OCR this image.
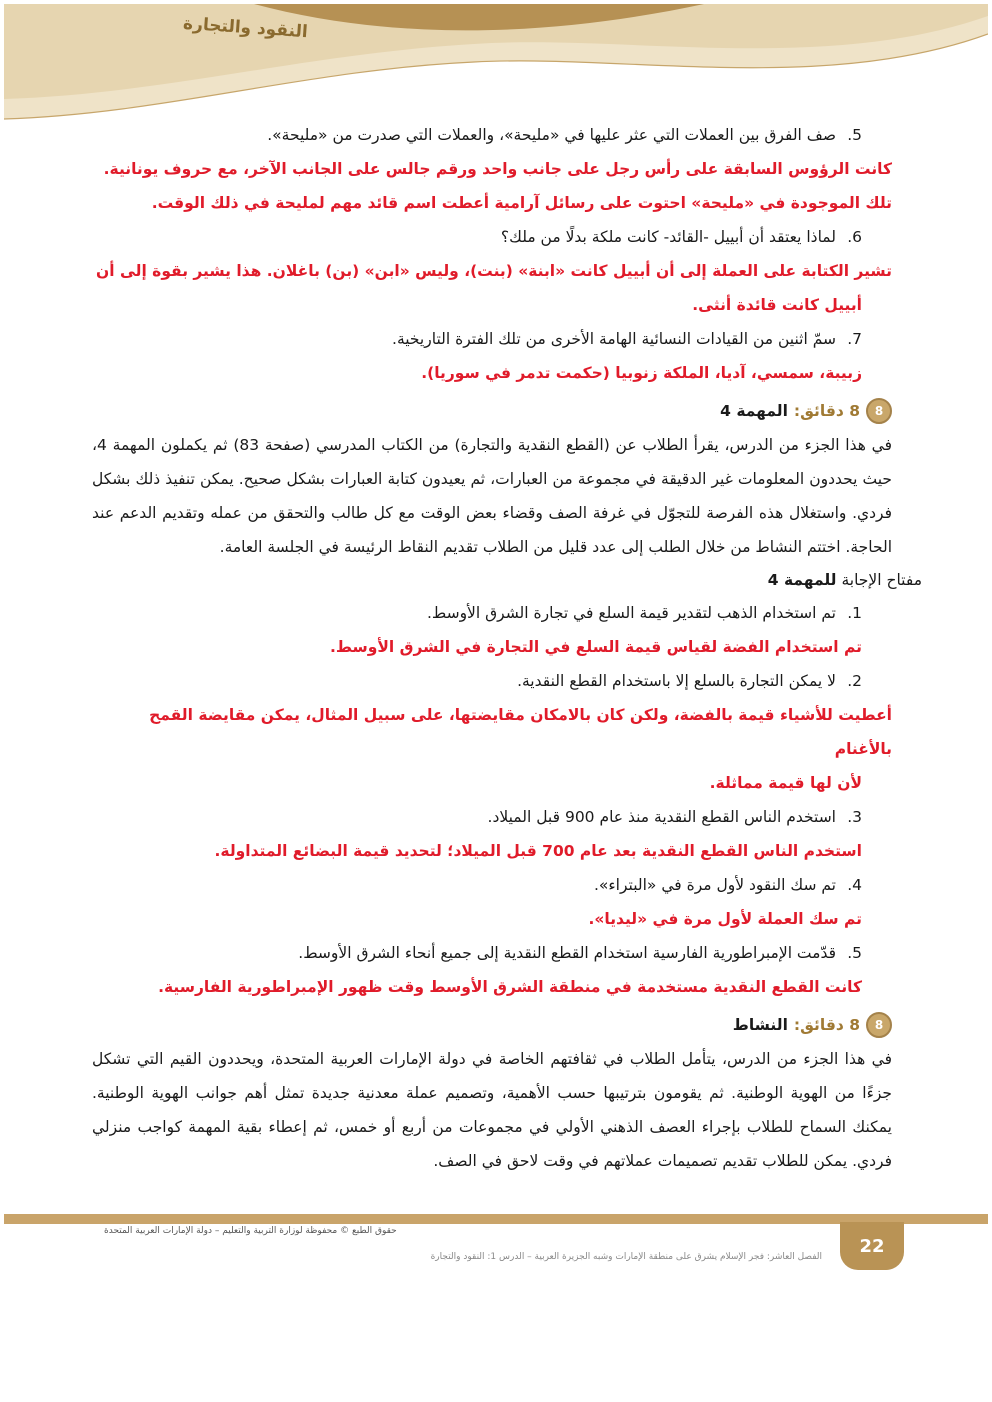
النقود والتجارة

5.صف الفرق بين العملات التي عثر عليها في «مليحة»، والعملات التي صدرت من «مليحة».

كانت الرؤوس السابقة على رأس رجل على جانب واحد ورقم جالس على الجانب الآخر، مع حروف يونانية.

تلك الموجودة في «مليحة» احتوت على رسائل آرامية أعطت اسم قائد مهم لمليحة في ذلك الوقت.

6.لماذا يعتقد أن أبييل -القائد- كانت ملكة بدلًا من ملك؟

تشير الكتابة على العملة إلى أن أبييل كانت «ابنة» (بنت)، وليس «ابن» (بن) باغلان. هذا يشير بقوة إلى أن

أبييل كانت قائدة أنثى.

7.سمّ اثنين من القيادات النسائية الهامة الأخرى من تلك الفترة التاريخية.

زبيبة، سمسي، آديا، الملكة زنوبيا (حكمت تدمر في سوريا).

8
8 دقائق:
المهمة 4

في هذا الجزء من الدرس، يقرأ الطلاب عن (القطع النقدية والتجارة) من الكتاب المدرسي (صفحة 83) ثم يكملون المهمة 4، حيث يحددون المعلومات غير الدقيقة في مجموعة من العبارات، ثم يعيدون كتابة العبارات بشكل صحيح. يمكن تنفيذ ذلك بشكل فردي. واستغلال هذه الفرصة للتجوّل في غرفة الصف وقضاء بعض الوقت مع كل طالب والتحقق من عمله وتقديم الدعم عند الحاجة. اختتم النشاط من خلال الطلب إلى عدد قليل من الطلاب تقديم النقاط الرئيسة في الجلسة العامة.

مفتاح الإجابة للمهمة 4

1.تم استخدام الذهب لتقدير قيمة السلع في تجارة الشرق الأوسط.

تم استخدام الفضة لقياس قيمة السلع في التجارة في الشرق الأوسط.

2.لا يمكن التجارة بالسلع إلا باستخدام القطع النقدية.

أعطيت للأشياء قيمة بالفضة، ولكن كان بالامكان مقايضتها، على سبيل المثال، يمكن مقايضة القمح بالأغنام

لأن لها قيمة مماثلة.

3.استخدم الناس القطع النقدية منذ عام 900 قبل الميلاد.

استخدم الناس القطع النقدية بعد عام 700 قبل الميلاد؛ لتحديد قيمة البضائع المتداولة.

4.تم سك النقود لأول مرة في «البتراء».

تم سك العملة لأول مرة في «ليديا».

5.قدّمت الإمبراطورية الفارسية استخدام القطع النقدية إلى جميع أنحاء الشرق الأوسط.

كانت القطع النقدية مستخدمة في منطقة الشرق الأوسط وقت ظهور الإمبراطورية الفارسية.

8
8 دقائق:
النشاط

في هذا الجزء من الدرس، يتأمل الطلاب في ثقافتهم الخاصة في دولة الإمارات العربية المتحدة، ويحددون القيم التي تشكل جزءًا من الهوية الوطنية. ثم يقومون بترتيبها حسب الأهمية، وتصميم عملة معدنية جديدة تمثل أهم جوانب الهوية الوطنية. يمكنك السماح للطلاب بإجراء العصف الذهني الأولي في مجموعات من أربع أو خمس، ثم إعطاء بقية المهمة كواجب منزلي فردي. يمكن للطلاب تقديم تصميمات عملاتهم في وقت لاحق في الصف.

22
حقوق الطبع © محفوظة لوزارة التربية والتعليم – دولة الإمارات العربية المتحدة
الفصل العاشر: فجر الإسلام يشرق على منطقة الإمارات وشبه الجزيرة العربية – الدرس 1: النقود والتجارة
